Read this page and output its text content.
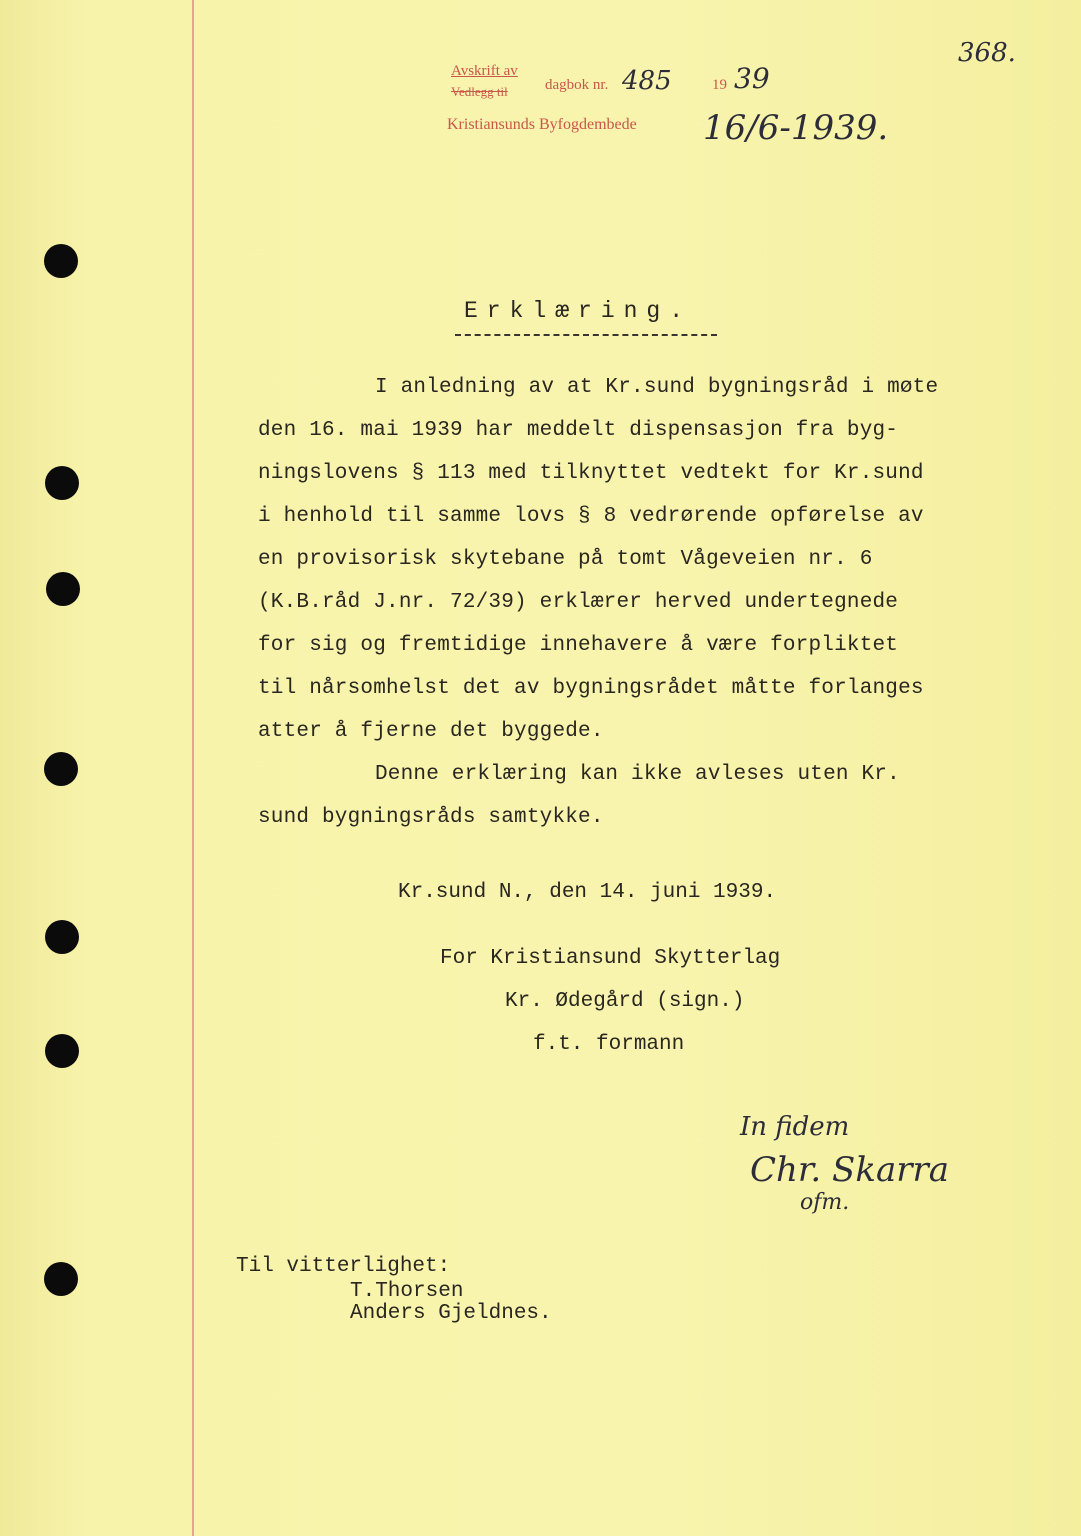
368.
Avskrift av
Vedlegg til dagbok nr. 485	19 39
Kristiansunds Byfogdembede 16/6-1939.
Erklæring.
I anledning av at Kr.sund bygningsråd i møte
den 16. mai 1939 har meddelt dispensasjon fra byg-
ningslovens § 113 med tilknyttet vedtekt for Kr.sund
i henhold til samme lovs § 8 vedrørende opførelse av
en provisorisk skytebane på tomt Vågeveien nr. 6
(K.B.råd J.nr. 72/39) erklærer herved undertegnede
for sig og fremtidige innehavere å være forpliktet
til nårsomhelst det av bygningsrådet måtte forlanges
atter å fjerne det byggede.
Denne erklæring kan ikke avleses uten Kr.
sund bygningsråds samtykke.
Kr.sund N., den 14. juni 1939.
For Kristiansund Skytterlag
Kr. Ødegård (sign.)
f.t. formann
In fidem
Chr. Skarra
ofm.
Til vitterlighet:
T.Thorsen
Anders Gjeldnes.
